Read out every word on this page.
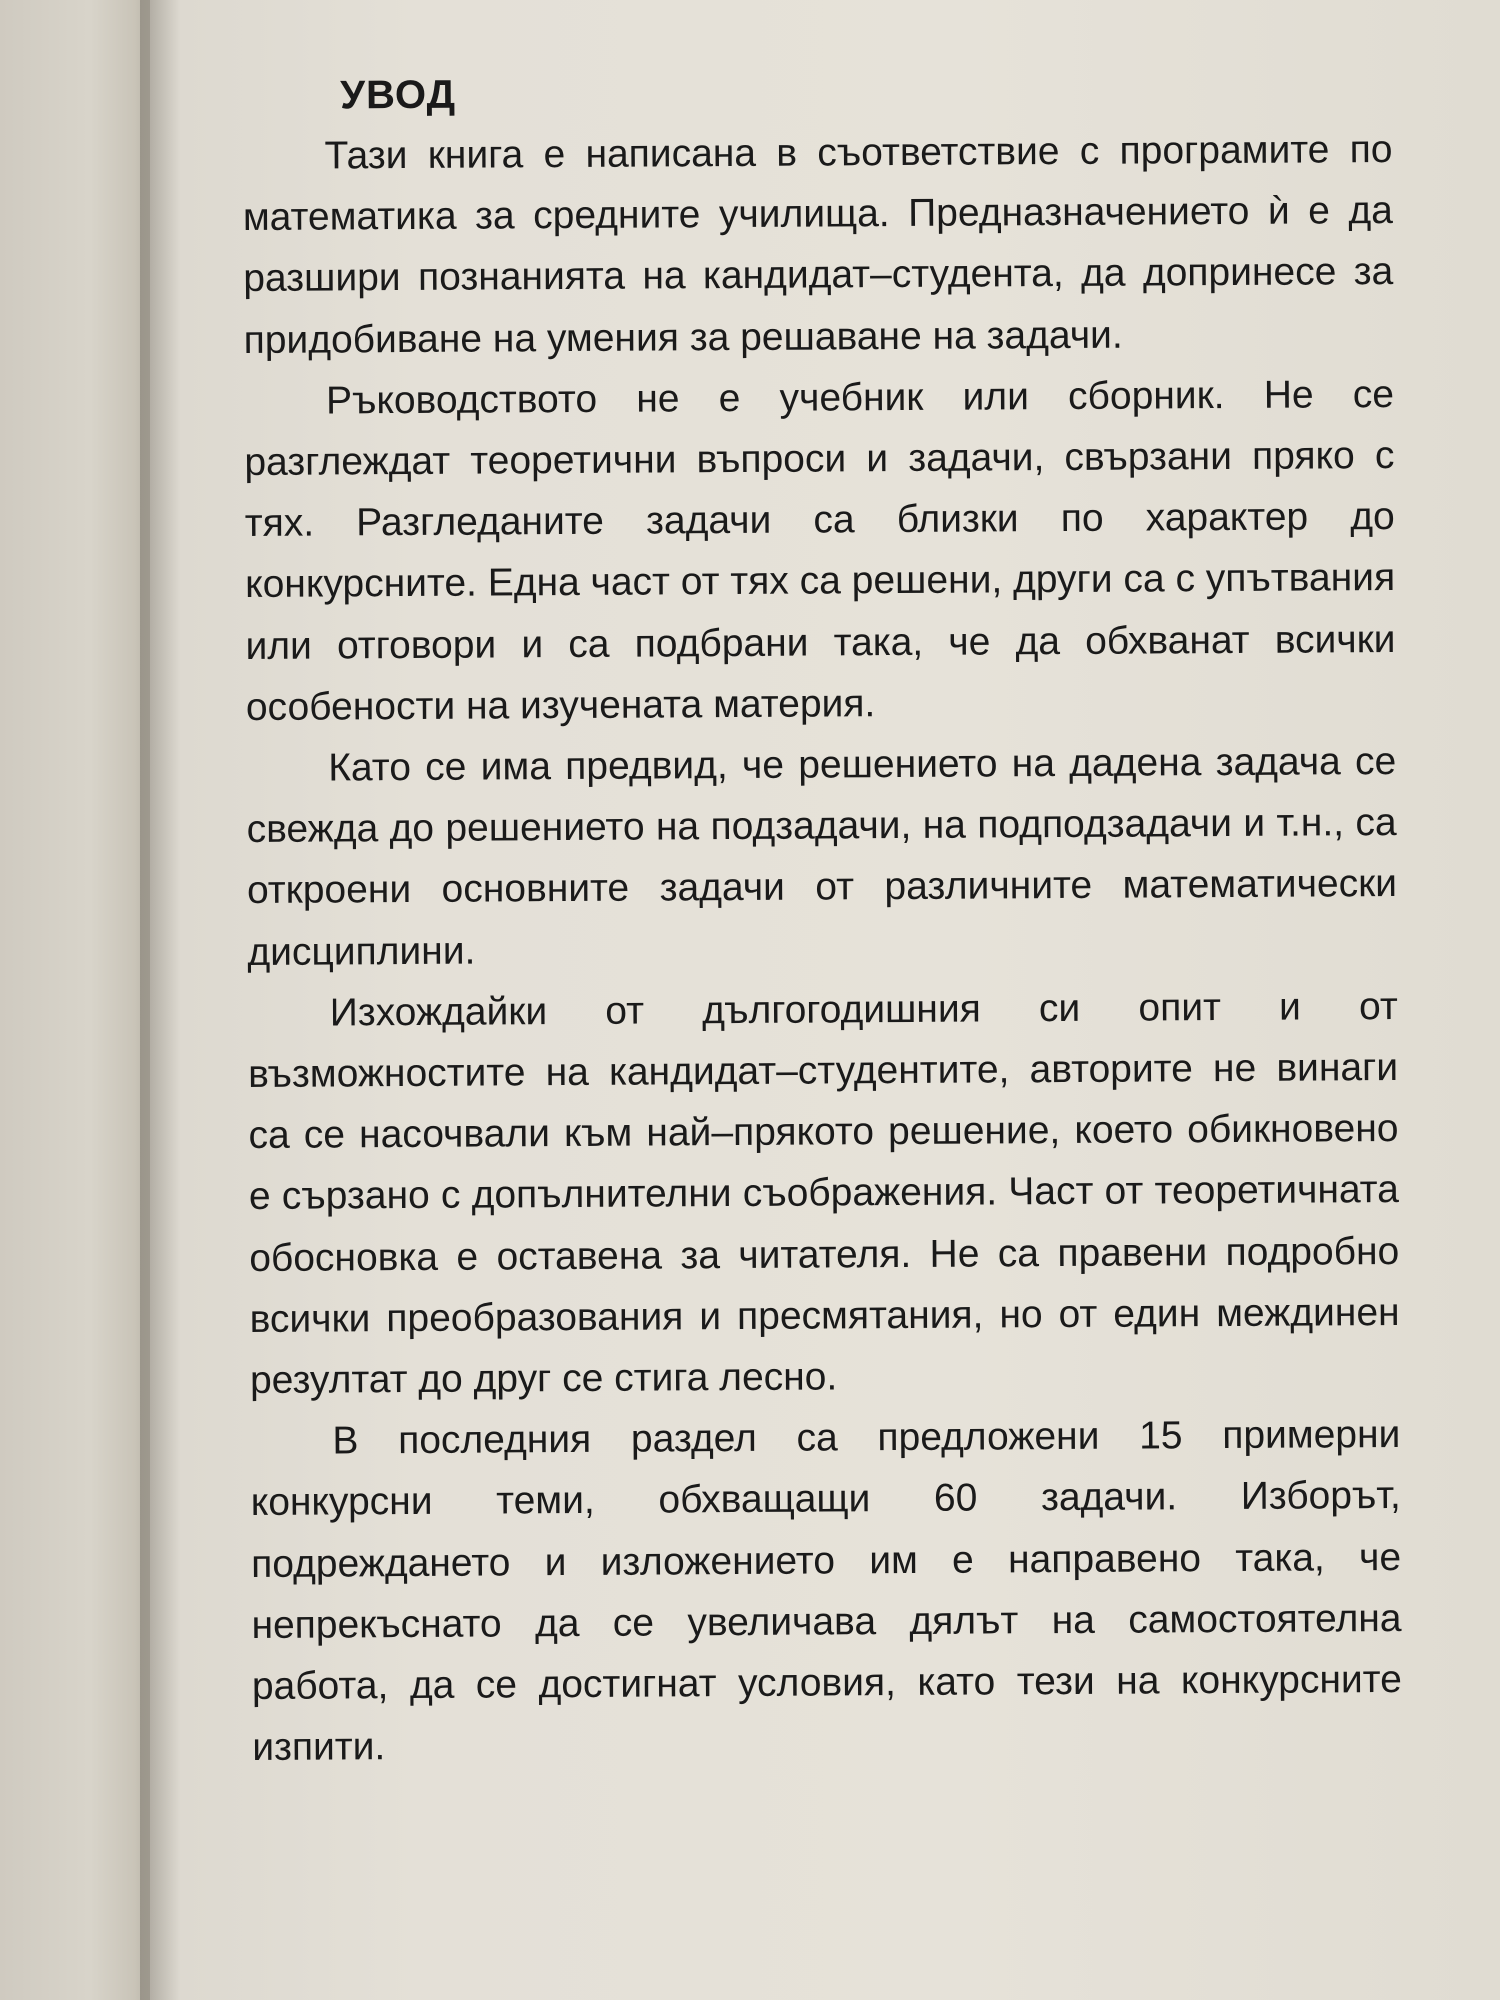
УВОД

Тази книга е написана в съответствие с програмите по математика за средните училища. Предназначението ѝ е да разшири познанията на кандидат–студента, да допринесе за придобиване на умения за решаване на задачи.

Ръководството не е учебник или сборник. Не се разглеждат теоретични въпроси и задачи, свързани пряко с тях. Разгледаните задачи са близки по характер до конкурсните. Една част от тях са решени, други са с упътвания или отговори и са подбрани така, че да обхванат всички особености на изучената материя.

Като се има предвид, че решението на дадена задача се свежда до решението на подзадачи, на подподзадачи и т.н., са откроени основните задачи от различните математически дисциплини.

Изхождайки от дългогодишния си опит и от възможностите на кандидат–студентите, авторите не винаги са се насочвали към най–прякото решение, което обикновено е сързано с допълнителни съображения. Част от теоретичната обосновка е оставена за читателя. Не са правени подробно всички преобразования и пресмятания, но от един междинен резултат до друг се стига лесно.

В последния раздел са предложени 15 примерни конкурсни теми, обхващащи 60 задачи. Изборът, подреждането и изложението им е направено така, че непрекъснато да се увеличава дялът на самостоятелна работа, да се достигнат условия, като тези на конкурсните изпити.
